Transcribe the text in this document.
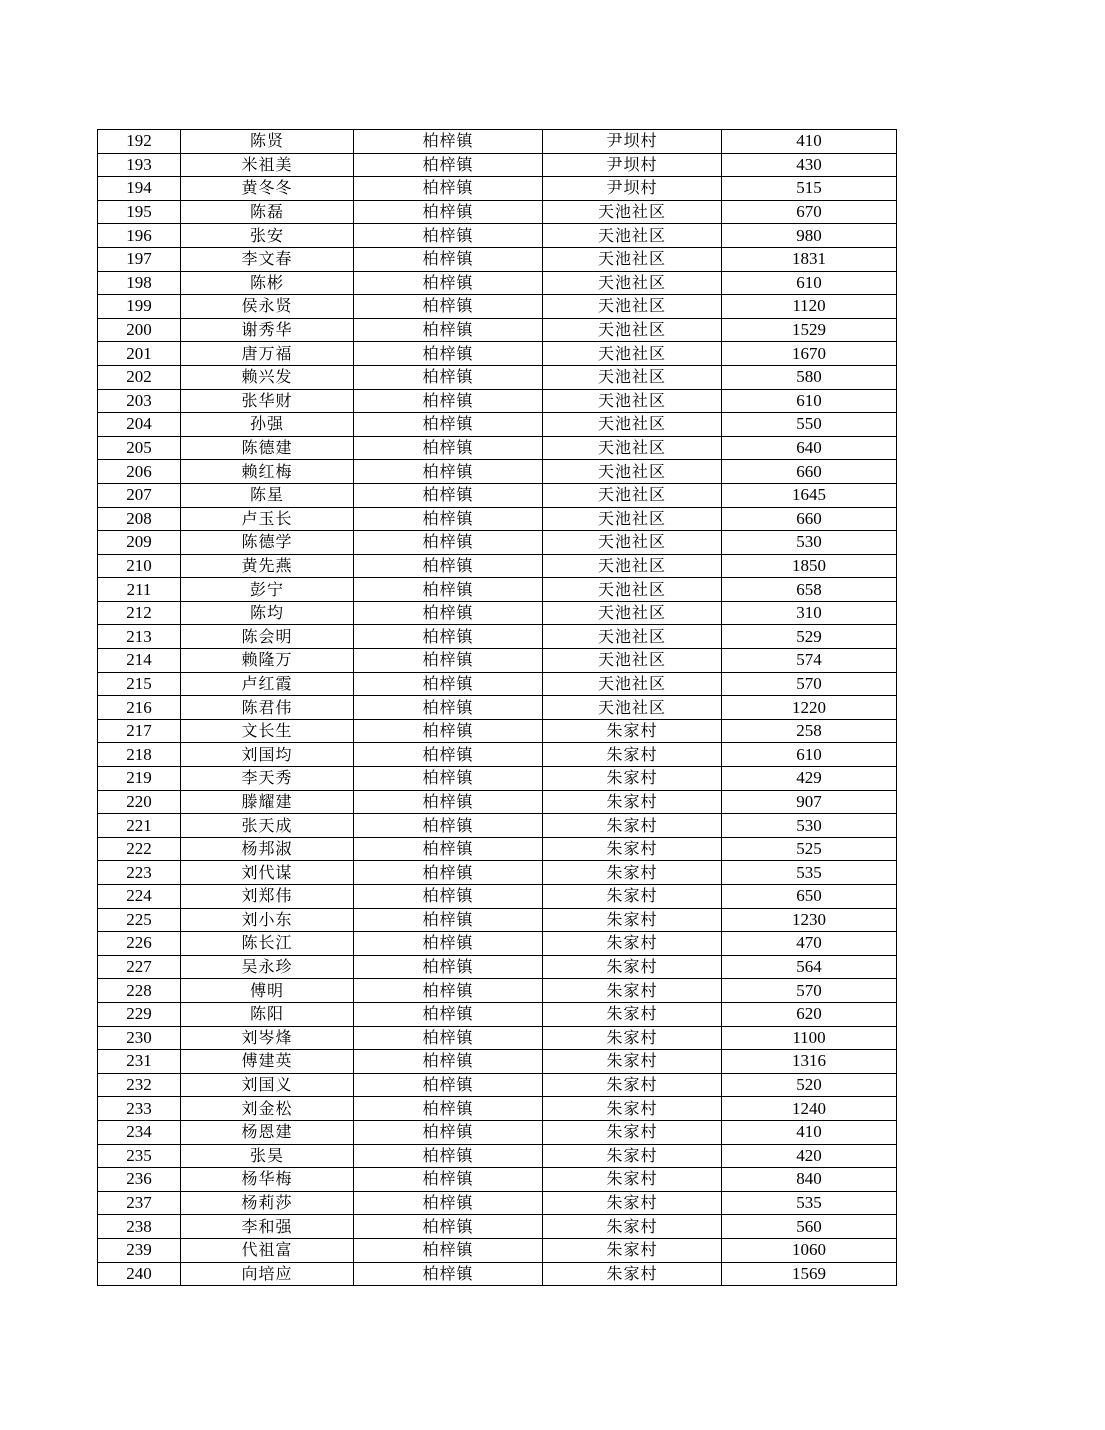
192	陈贤	柏梓镇	尹坝村	410
193	米祖美	柏梓镇	尹坝村	430
194	黄冬冬	柏梓镇	尹坝村	515
195	陈磊	柏梓镇	天池社区	670
196	张安	柏梓镇	天池社区	980
197	李文春	柏梓镇	天池社区	1831
198	陈彬	柏梓镇	天池社区	610
199	侯永贤	柏梓镇	天池社区	1120
200	谢秀华	柏梓镇	天池社区	1529
201	唐万福	柏梓镇	天池社区	1670
202	赖兴发	柏梓镇	天池社区	580
203	张华财	柏梓镇	天池社区	610
204	孙强	柏梓镇	天池社区	550
205	陈德建	柏梓镇	天池社区	640
206	赖红梅	柏梓镇	天池社区	660
207	陈星	柏梓镇	天池社区	1645
208	卢玉长	柏梓镇	天池社区	660
209	陈德学	柏梓镇	天池社区	530
210	黄先燕	柏梓镇	天池社区	1850
211	彭宁	柏梓镇	天池社区	658
212	陈均	柏梓镇	天池社区	310
213	陈会明	柏梓镇	天池社区	529
214	赖隆万	柏梓镇	天池社区	574
215	卢红霞	柏梓镇	天池社区	570
216	陈君伟	柏梓镇	天池社区	1220
217	文长生	柏梓镇	朱家村	258
218	刘国均	柏梓镇	朱家村	610
219	李天秀	柏梓镇	朱家村	429
220	滕耀建	柏梓镇	朱家村	907
221	张天成	柏梓镇	朱家村	530
222	杨邦淑	柏梓镇	朱家村	525
223	刘代谋	柏梓镇	朱家村	535
224	刘郑伟	柏梓镇	朱家村	650
225	刘小东	柏梓镇	朱家村	1230
226	陈长江	柏梓镇	朱家村	470
227	吴永珍	柏梓镇	朱家村	564
228	傅明	柏梓镇	朱家村	570
229	陈阳	柏梓镇	朱家村	620
230	刘岑烽	柏梓镇	朱家村	1100
231	傅建英	柏梓镇	朱家村	1316
232	刘国义	柏梓镇	朱家村	520
233	刘金松	柏梓镇	朱家村	1240
234	杨恩建	柏梓镇	朱家村	410
235	张昊	柏梓镇	朱家村	420
236	杨华梅	柏梓镇	朱家村	840
237	杨莉莎	柏梓镇	朱家村	535
238	李和强	柏梓镇	朱家村	560
239	代祖富	柏梓镇	朱家村	1060
240	向培应	柏梓镇	朱家村	1569
